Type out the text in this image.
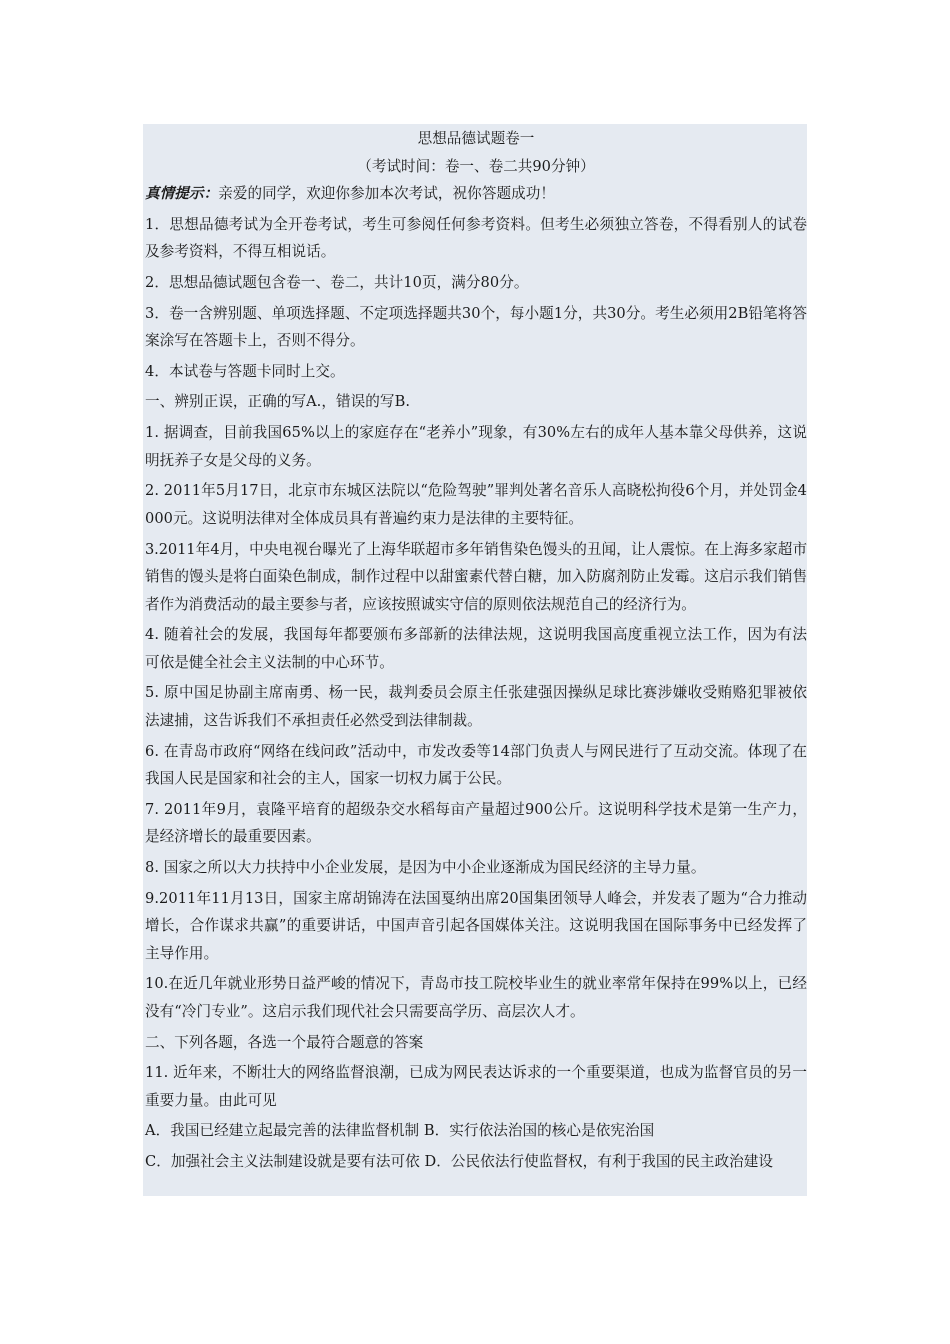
思想品德试题卷一
（考试时间：卷一、卷二共90分钟）
真情提示：亲爱的同学，欢迎你参加本次考试，祝你答题成功！
1．思想品德考试为全开卷考试，考生可参阅任何参考资料。但考生必须独立答卷，不得看别人的试卷及参考资料，不得互相说话。
2．思想品德试题包含卷一、卷二，共计10页，满分80分。
3．卷一含辨别题、单项选择题、不定项选择题共30个，每小题1分，共30分。考生必须用2B铅笔将答案涂写在答题卡上，否则不得分。
4．本试卷与答题卡同时上交。
一、辨别正误，正确的写A.，错误的写B.
1. 据调查，目前我国65%以上的家庭存在“老养小”现象，有30%左右的成年人基本靠父母供养，这说明抚养子女是父母的义务。
2. 2011年5月17日，北京市东城区法院以“危险驾驶”罪判处著名音乐人高晓松拘役6个月，并处罚金4000元。这说明法律对全体成员具有普遍约束力是法律的主要特征。
3.2011年4月，中央电视台曝光了上海华联超市多年销售染色馒头的丑闻，让人震惊。在上海多家超市销售的馒头是将白面染色制成，制作过程中以甜蜜素代替白糖，加入防腐剂防止发霉。这启示我们销售者作为消费活动的最主要参与者，应该按照诚实守信的原则依法规范自己的经济行为。
4. 随着社会的发展，我国每年都要颁布多部新的法律法规，这说明我国高度重视立法工作，因为有法可依是健全社会主义法制的中心环节。
5. 原中国足协副主席南勇、杨一民，裁判委员会原主任张建强因操纵足球比赛涉嫌收受贿赂犯罪被依法逮捕，这告诉我们不承担责任必然受到法律制裁。
6. 在青岛市政府“网络在线问政”活动中，市发改委等14部门负责人与网民进行了互动交流。体现了在我国人民是国家和社会的主人，国家一切权力属于公民。
7. 2011年9月，袁隆平培育的超级杂交水稻每亩产量超过900公斤。这说明科学技术是第一生产力，是经济增长的最重要因素。
8. 国家之所以大力扶持中小企业发展，是因为中小企业逐渐成为国民经济的主导力量。
9.2011年11月13日，国家主席胡锦涛在法国戛纳出席20国集团领导人峰会，并发表了题为“合力推动增长，合作谋求共赢”的重要讲话，中国声音引起各国媒体关注。这说明我国在国际事务中已经发挥了主导作用。
10.在近几年就业形势日益严峻的情况下，青岛市技工院校毕业生的就业率常年保持在99%以上，已经没有“冷门专业”。这启示我们现代社会只需要高学历、高层次人才。
二、下列各题，各选一个最符合题意的答案
11. 近年来，不断壮大的网络监督浪潮，已成为网民表达诉求的一个重要渠道，也成为监督官员的另一重要力量。由此可见
A．我国已经建立起最完善的法律监督机制 B．实行依法治国的核心是依宪治国
C．加强社会主义法制建设就是要有法可依 D．公民依法行使监督权，有利于我国的民主政治建设
